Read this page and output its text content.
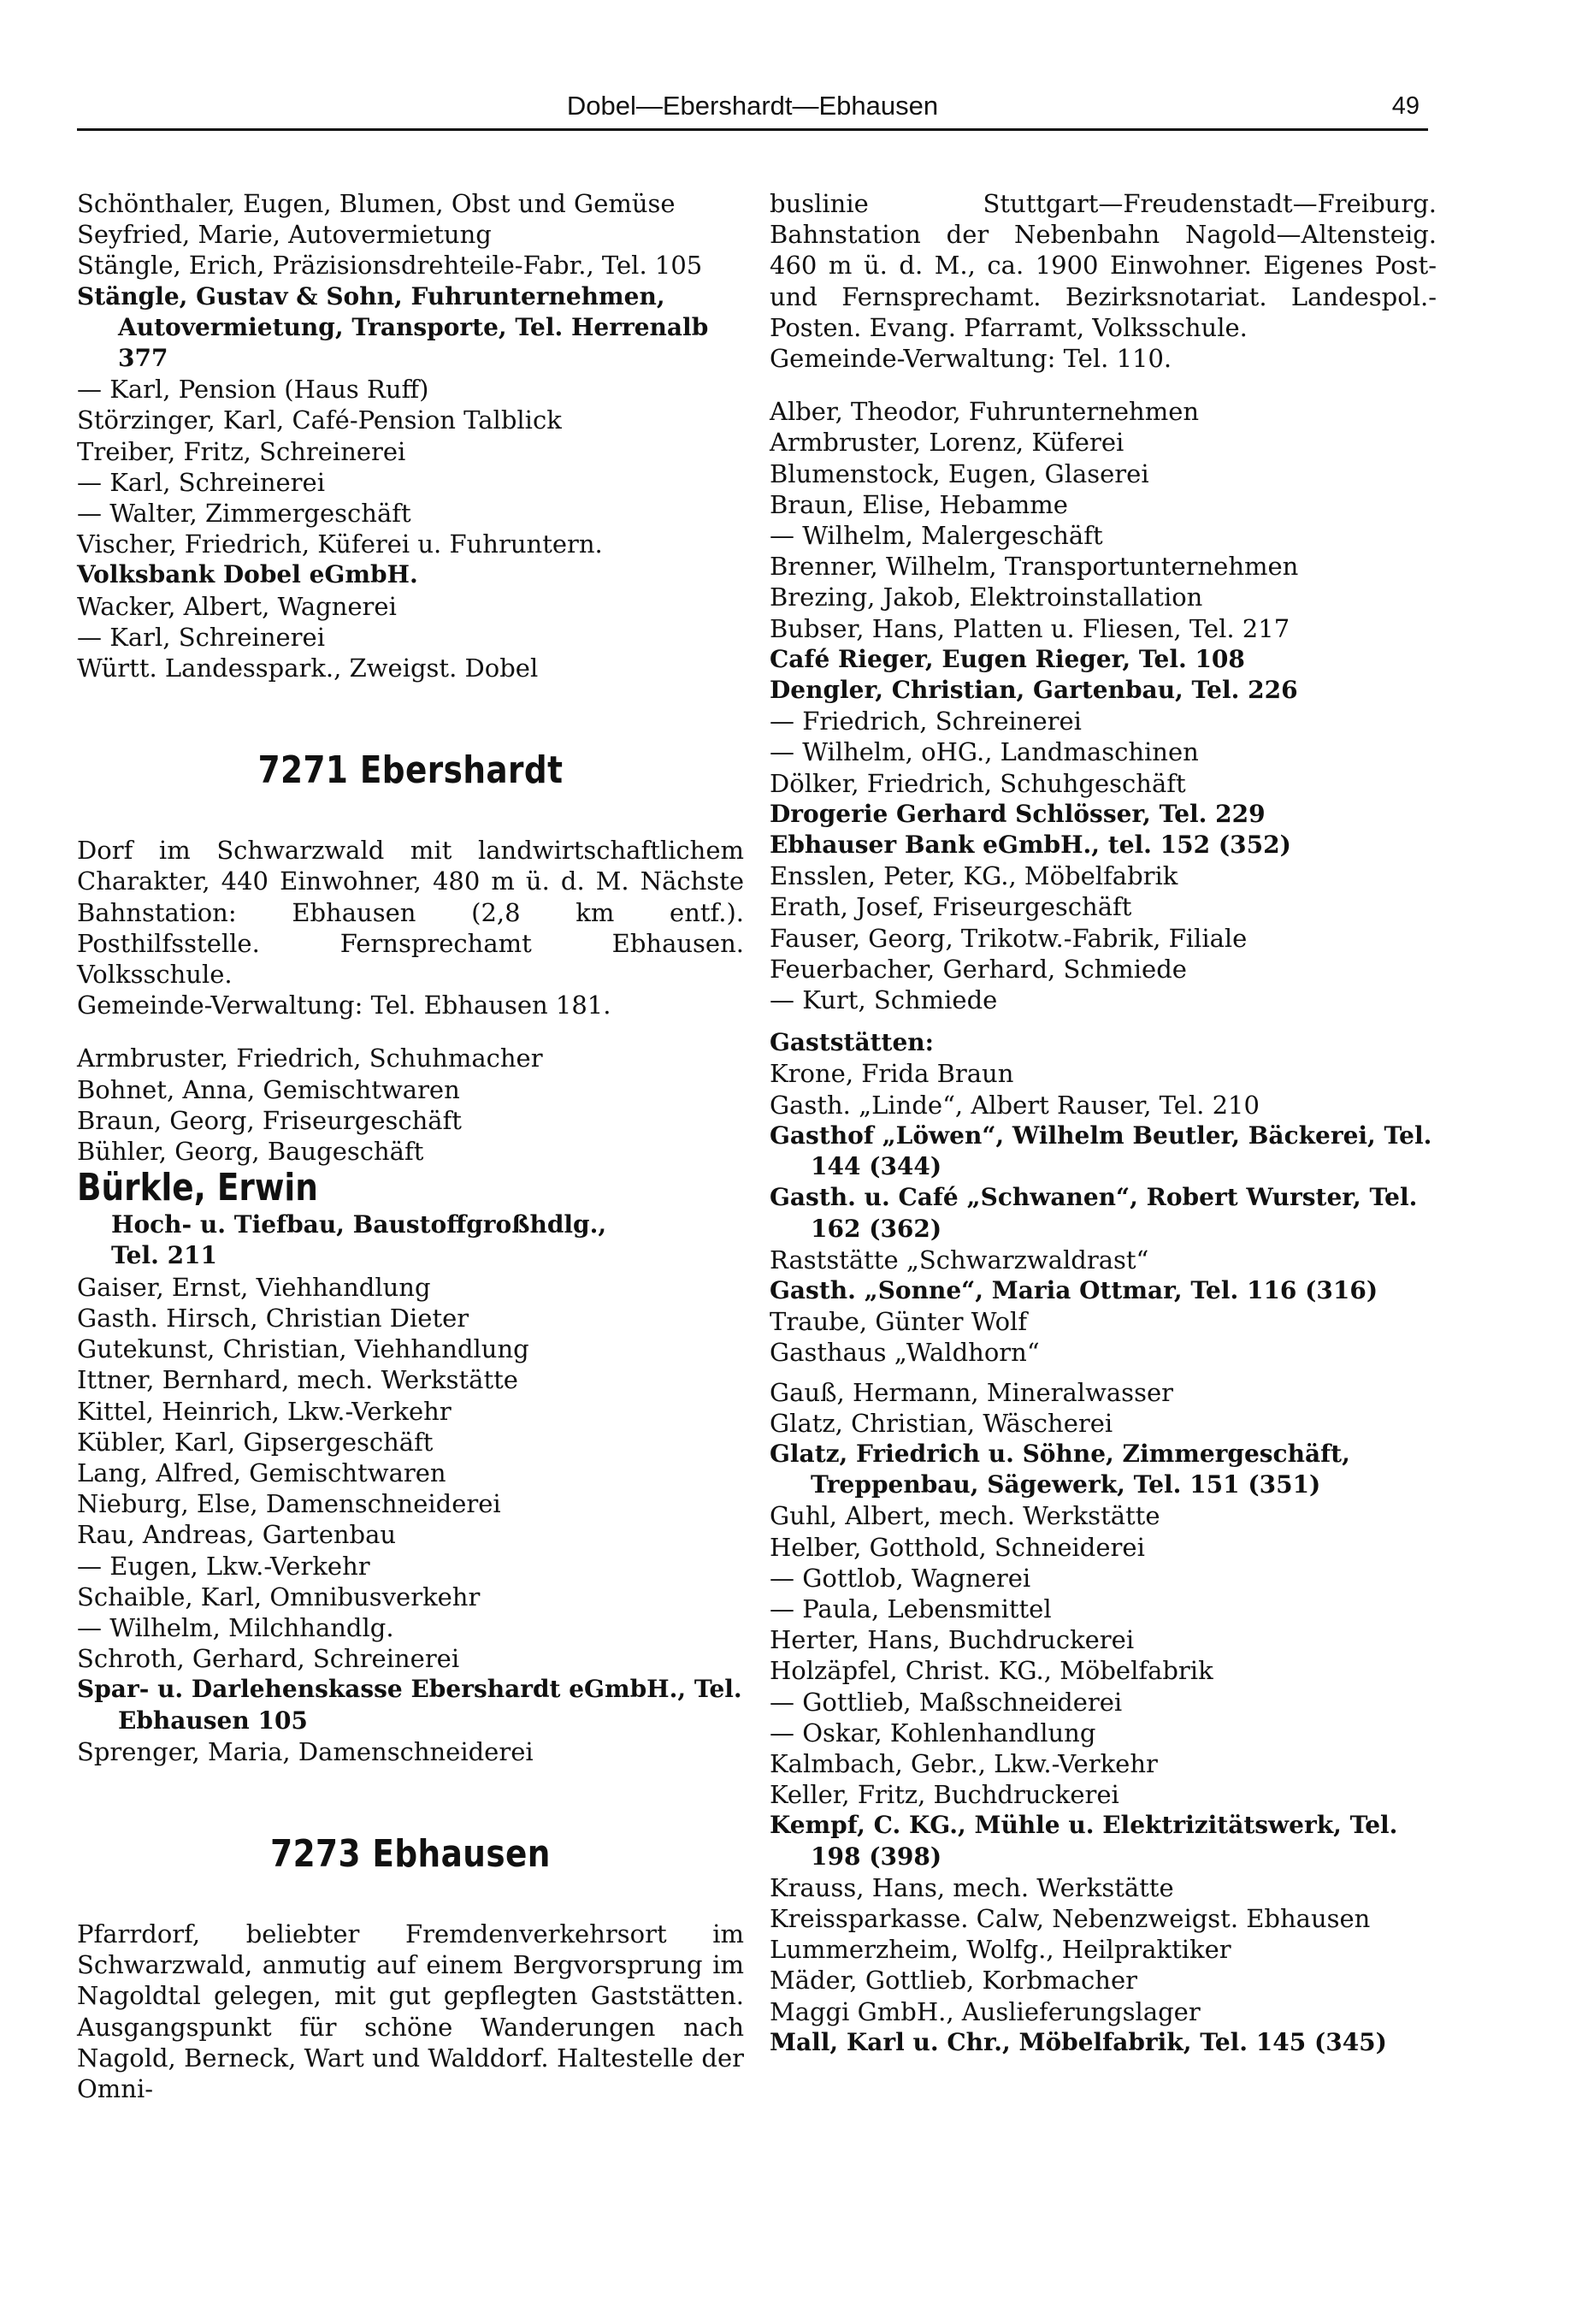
Dobel—Ebershardt—Ebhausen	49
Schönthaler, Eugen, Blumen, Obst und Gemüse
Seyfried, Marie, Autovermietung
Stängle, Erich, Präzisionsdrehteile-Fabr., Tel. 105
Stängle, Gustav & Sohn, Fuhrunternehmen, Autovermietung, Transporte, Tel. Herrenalb 377
— Karl, Pension (Haus Ruff)
Störzinger, Karl, Café-Pension Talblick
Treiber, Fritz, Schreinerei
— Karl, Schreinerei
— Walter, Zimmergeschäft
Vischer, Friedrich, Küferei u. Fuhruntern.
Volksbank Dobel eGmbH.
Wacker, Albert, Wagnerei
— Karl, Schreinerei
Württ. Landesspark., Zweigst. Dobel
7271 Ebershardt
Dorf im Schwarzwald mit landwirtschaftlichem Charakter, 440 Einwohner, 480 m ü. d. M. Nächste Bahnstation: Ebhausen (2,8 km entf.). Posthilfsstelle. Fernsprechamt Ebhausen. Volksschule.
Gemeinde-Verwaltung: Tel. Ebhausen 181.
Armbruster, Friedrich, Schuhmacher
Bohnet, Anna, Gemischtwaren
Braun, Georg, Friseurgeschäft
Bühler, Georg, Baugeschäft
Bürkle, Erwin
Hoch- u. Tiefbau, Baustoffgroßhdlg.,
Tel. 211
Gaiser, Ernst, Viehhandlung
Gasth. Hirsch, Christian Dieter
Gutekunst, Christian, Viehhandlung
Ittner, Bernhard, mech. Werkstätte
Kittel, Heinrich, Lkw.-Verkehr
Kübler, Karl, Gipsergeschäft
Lang, Alfred, Gemischtwaren
Nieburg, Else, Damenschneiderei
Rau, Andreas, Gartenbau
— Eugen, Lkw.-Verkehr
Schaible, Karl, Omnibusverkehr
— Wilhelm, Milchhandlg.
Schroth, Gerhard, Schreinerei
Spar- u. Darlehenskasse Ebershardt eGmbH., Tel. Ebhausen 105
Sprenger, Maria, Damenschneiderei
7273 Ebhausen
Pfarrdorf, beliebter Fremdenverkehrsort im Schwarzwald, anmutig auf einem Bergvorsprung im Nagoldtal gelegen, mit gut gepflegten Gaststätten. Ausgangspunkt für schöne Wanderungen nach Nagold, Berneck, Wart und Walddorf. Haltestelle der Omni-
buslinie Stuttgart—Freudenstadt—Freiburg. Bahnstation der Nebenbahn Nagold—Altensteig. 460 m ü. d. M., ca. 1900 Einwohner. Eigenes Post- und Fernsprechamt. Bezirksnotariat. Landespol.-Posten. Evang. Pfarramt, Volksschule.
Gemeinde-Verwaltung: Tel. 110.
Alber, Theodor, Fuhrunternehmen
Armbruster, Lorenz, Küferei
Blumenstock, Eugen, Glaserei
Braun, Elise, Hebamme
— Wilhelm, Malergeschäft
Brenner, Wilhelm, Transportunternehmen
Brezing, Jakob, Elektroinstallation
Bubser, Hans, Platten u. Fliesen, Tel. 217
Café Rieger, Eugen Rieger, Tel. 108
Dengler, Christian, Gartenbau, Tel. 226
— Friedrich, Schreinerei
— Wilhelm, oHG., Landmaschinen
Dölker, Friedrich, Schuhgeschäft
Drogerie Gerhard Schlösser, Tel. 229
Ebhauser Bank eGmbH., tel. 152 (352)
Ensslen, Peter, KG., Möbelfabrik
Erath, Josef, Friseurgeschäft
Fauser, Georg, Trikotw.-Fabrik, Filiale
Feuerbacher, Gerhard, Schmiede
— Kurt, Schmiede
Gaststätten:
Krone, Frida Braun
Gasth. „Linde“, Albert Rauser, Tel. 210
Gasthof „Löwen“, Wilhelm Beutler, Bäckerei, Tel. 144 (344)
Gasth. u. Café „Schwanen“, Robert Wurster, Tel. 162 (362)
Raststätte „Schwarzwaldrast“
Gasth. „Sonne“, Maria Ottmar, Tel. 116 (316)
Traube, Günter Wolf
Gasthaus „Waldhorn“
Gauß, Hermann, Mineralwasser
Glatz, Christian, Wäscherei
Glatz, Friedrich u. Söhne, Zimmergeschäft, Treppenbau, Sägewerk, Tel. 151 (351)
Guhl, Albert, mech. Werkstätte
Helber, Gotthold, Schneiderei
— Gottlob, Wagnerei
— Paula, Lebensmittel
Herter, Hans, Buchdruckerei
Holzäpfel, Christ. KG., Möbelfabrik
— Gottlieb, Maßschneiderei
— Oskar, Kohlenhandlung
Kalmbach, Gebr., Lkw.-Verkehr
Keller, Fritz, Buchdruckerei
Kempf, C. KG., Mühle u. Elektrizitätswerk, Tel. 198 (398)
Krauss, Hans, mech. Werkstätte
Kreissparkasse. Calw, Nebenzweigst. Ebhausen
Lummerzheim, Wolfg., Heilpraktiker
Mäder, Gottlieb, Korbmacher
Maggi GmbH., Auslieferungslager
Mall, Karl u. Chr., Möbelfabrik, Tel. 145 (345)
